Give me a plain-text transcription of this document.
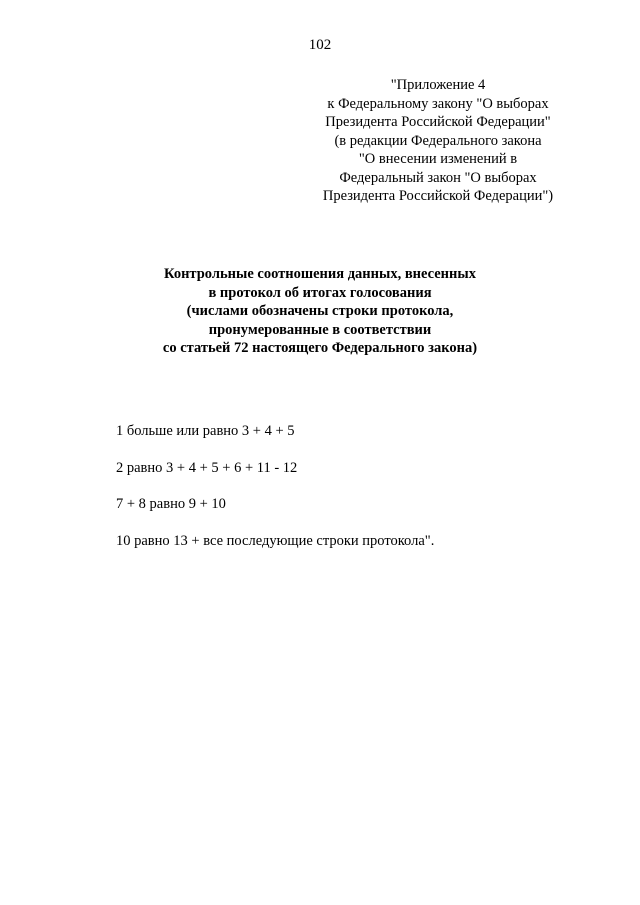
102
"Приложение 4
к Федеральному закону "О выборах
Президента Российской Федерации"
(в редакции Федерального закона
"О внесении изменений в
Федеральный закон "О выборах
Президента Российской Федерации")
Контрольные соотношения данных, внесенных
в протокол об итогах голосования
(числами обозначены строки протокола,
пронумерованные в соответствии
со статьей 72 настоящего Федерального закона)
1 больше или равно 3 + 4 + 5
2 равно 3 + 4 + 5 + 6 + 11 - 12
7 + 8 равно 9 + 10
10 равно 13 + все последующие строки протокола".
